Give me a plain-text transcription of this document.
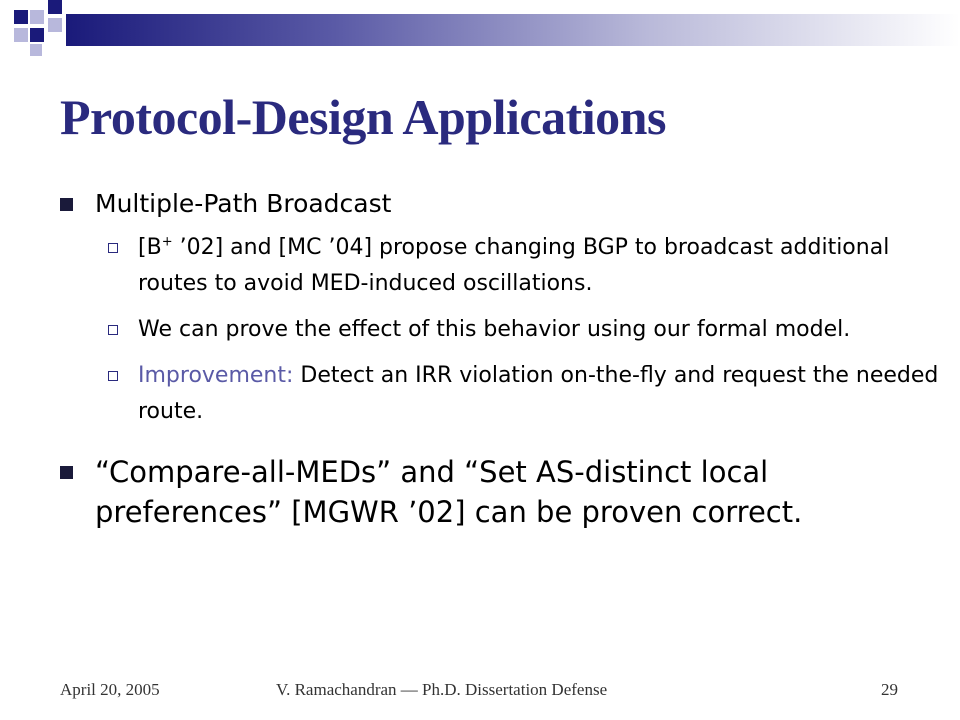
Protocol-Design Applications
Multiple-Path Broadcast
[B+ ’02] and [MC ’04] propose changing BGP to broadcast additional routes to avoid MED-induced oscillations.
We can prove the effect of this behavior using our formal model.
Improvement: Detect an IRR violation on-the-fly and request the needed route.
“Compare-all-MEDs” and “Set AS-distinct local preferences” [MGWR ’02] can be proven correct.
April 20, 2005	V. Ramachandran — Ph.D. Dissertation Defense	29
